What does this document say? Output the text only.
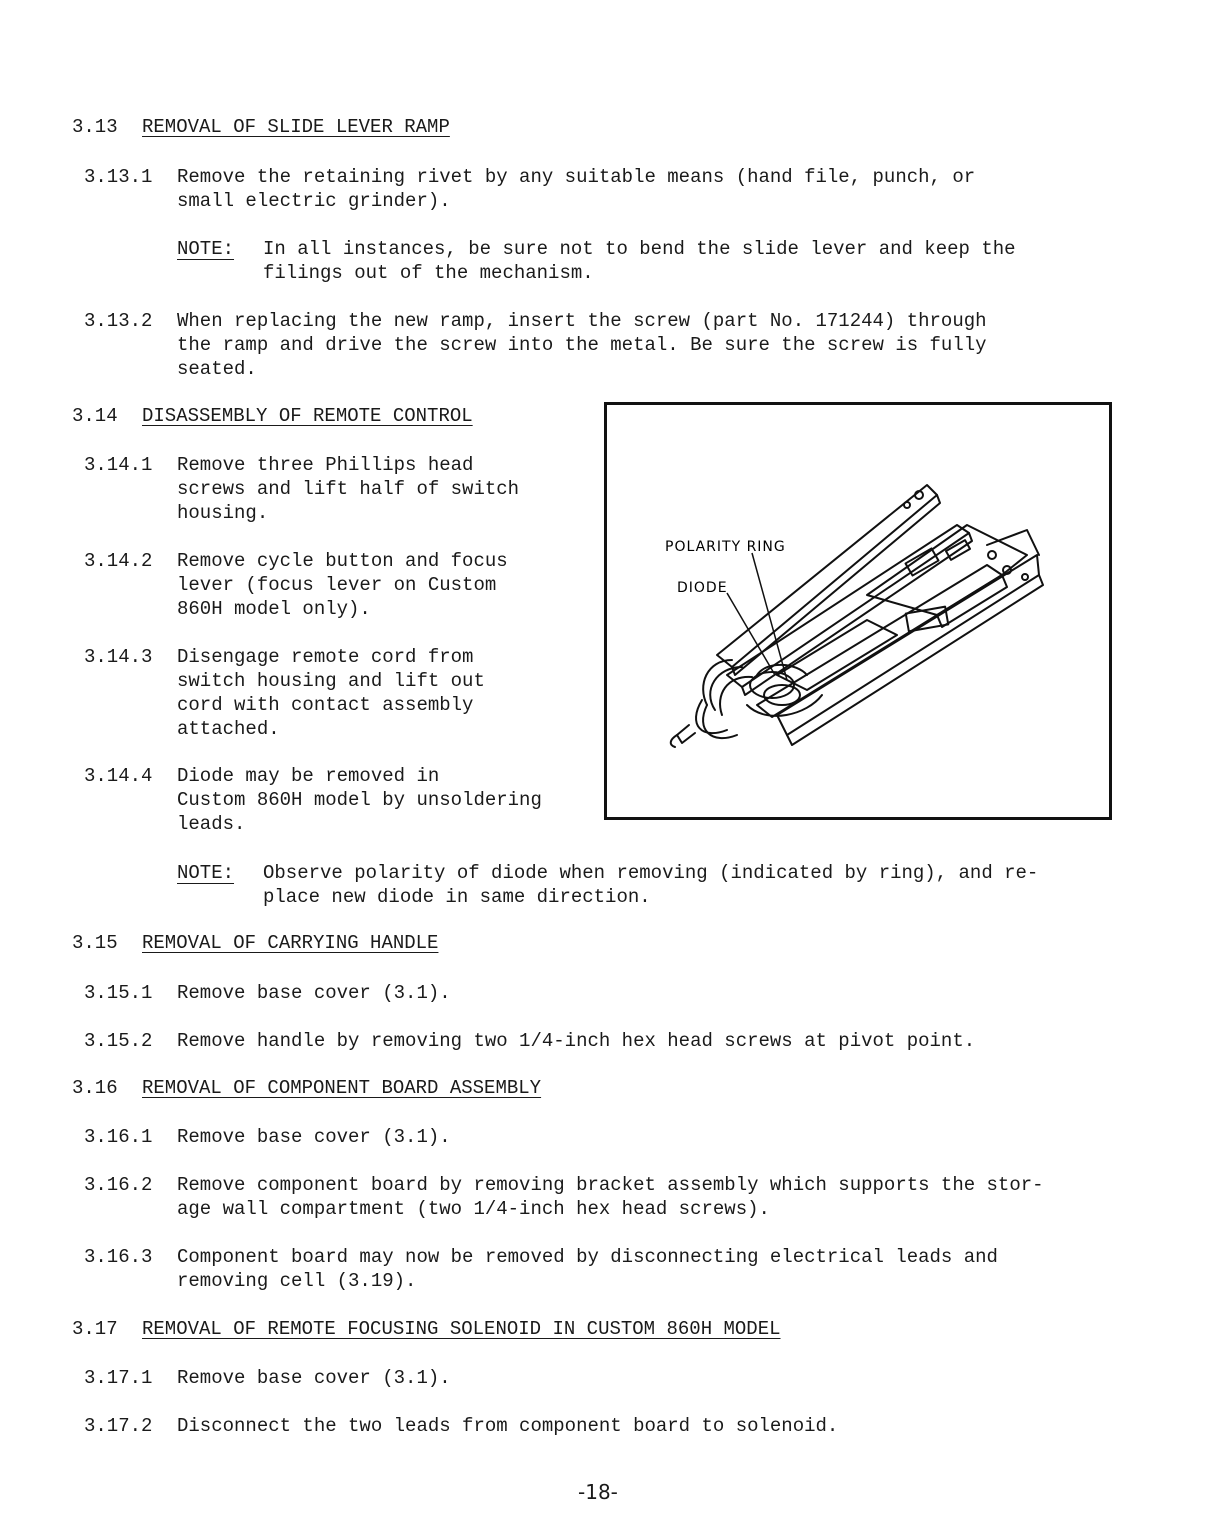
3.13 REMOVAL OF SLIDE LEVER RAMP
3.13.1 Remove the retaining rivet by any suitable means (hand file, punch, or
small electric grinder).
NOTE: In all instances, be sure not to bend the slide lever and keep the
filings out of the mechanism.
3.13.2 When replacing the new ramp, insert the screw (part No. 171244) through
the ramp and drive the screw into the metal. Be sure the screw is fully
seated.
3.14 DISASSEMBLY OF REMOTE CONTROL
3.14.1 Remove three Phillips head
screws and lift half of switch
housing.
3.14.2 Remove cycle button and focus
lever (focus lever on Custom
860H model only).
3.14.3 Disengage remote cord from
switch housing and lift out
cord with contact assembly
attached.
3.14.4 Diode may be removed in
Custom 860H model by unsoldering
leads.
NOTE: Observe polarity of diode when removing (indicated by ring), and re-
place new diode in same direction.
POLARITY RING
DIODE
3.15 REMOVAL OF CARRYING HANDLE
3.15.1 Remove base cover (3.1).
3.15.2 Remove handle by removing two 1/4-inch hex head screws at pivot point.
3.16 REMOVAL OF COMPONENT BOARD ASSEMBLY
3.16.1 Remove base cover (3.1).
3.16.2 Remove component board by removing bracket assembly which supports the stor-
age wall compartment (two 1/4-inch hex head screws).
3.16.3 Component board may now be removed by disconnecting electrical leads and
removing cell (3.19).
3.17 REMOVAL OF REMOTE FOCUSING SOLENOID IN CUSTOM 860H MODEL
3.17.1 Remove base cover (3.1).
3.17.2 Disconnect the two leads from component board to solenoid.
-18-
